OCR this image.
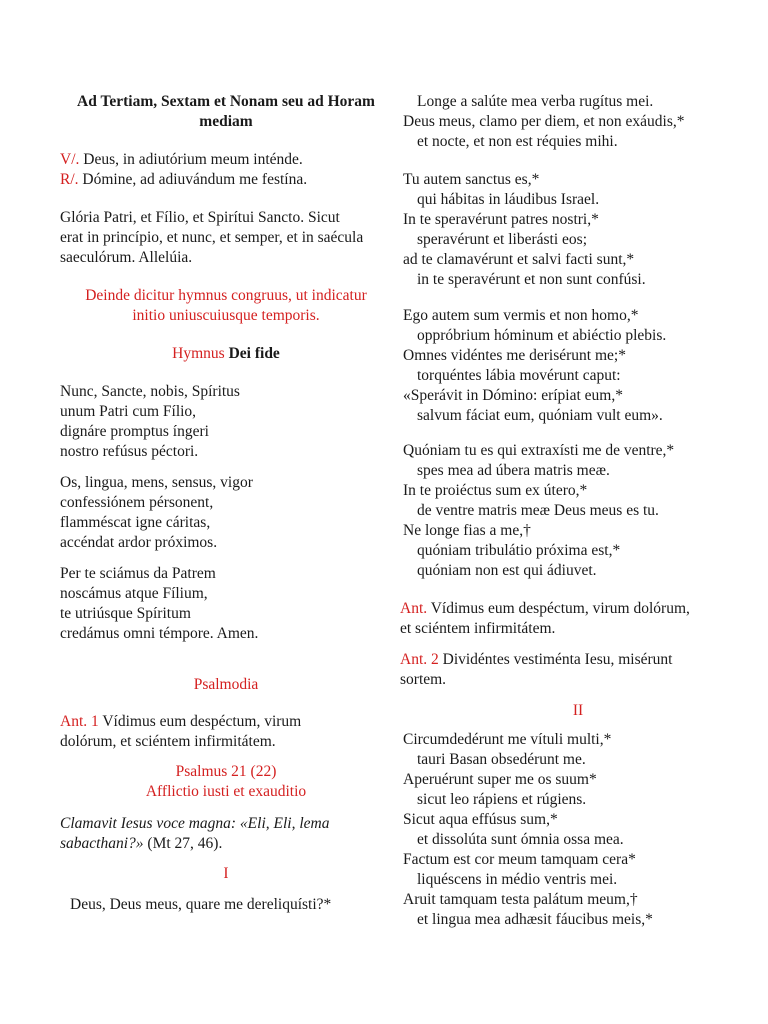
Ad Tertiam, Sextam et Nonam seu ad Horam
mediam
V/. Deus, in adiutórium meum inténde.
R/. Dómine, ad adiuvándum me festína.
Glória Patri, et Fílio, et Spirítui Sancto. Sicut
erat in princípio, et nunc, et semper, et in saécula
saeculórum. Allelúia.
Deinde dicitur hymnus congruus, ut indicatur
initio uniuscuiusque temporis.
Hymnus Dei fide
Nunc, Sancte, nobis, Spíritus
unum Patri cum Fílio,
dignáre promptus íngeri
nostro refúsus péctori.
Os, lingua, mens, sensus, vigor
confessiónem pérsonent,
flamméscat igne cáritas,
accéndat ardor próximos.
Per te sciámus da Patrem
noscámus atque Fílium,
te utriúsque Spíritum
credámus omni témpore. Amen.
Psalmodia
Ant. 1 Vídimus eum despéctum, virum
dolórum, et sciéntem infirmitátem.
Psalmus 21 (22)
Afflictio iusti et exauditio
Clamavit Iesus voce magna: «Eli, Eli, lema
sabacthani?» (Mt 27, 46).
I
Deus, Deus meus, quare me dereliquísti?*
Longe a salúte mea verba rugítus mei.
Deus meus, clamo per diem, et non exáudis,*
et nocte, et non est réquies mihi.
Tu autem sanctus es,*
qui hábitas in láudibus Israel.
In te speravérunt patres nostri,*
speravérunt et liberásti eos;
ad te clamavérunt et salvi facti sunt,*
in te speravérunt et non sunt confúsi.
Ego autem sum vermis et non homo,*
oppróbrium hóminum et abiéctio plebis.
Omnes vidéntes me derisérunt me;*
torquéntes lábia movérunt caput:
«Sperávit in Dómino: erípiat eum,*
salvum fáciat eum, quóniam vult eum».
Quóniam tu es qui extraxísti me de ventre,*
spes mea ad úbera matris meæ.
In te proiéctus sum ex útero,*
de ventre matris meæ Deus meus es tu.
Ne longe fias a me,†
quóniam tribulátio próxima est,*
quóniam non est qui ádiuvet.
Ant. Vídimus eum despéctum, virum dolórum,
et sciéntem infirmitátem.
Ant. 2 Dividéntes vestiménta Iesu, misérunt
sortem.
II
Circumdedérunt me vítuli multi,*
tauri Basan obsedérunt me.
Aperuérunt super me os suum*
sicut leo rápiens et rúgiens.
Sicut aqua effúsus sum,*
et dissolúta sunt ómnia ossa mea.
Factum est cor meum tamquam cera*
liquéscens in médio ventris mei.
Aruit tamquam testa palátum meum,†
et lingua mea adhæsit fáucibus meis,*
